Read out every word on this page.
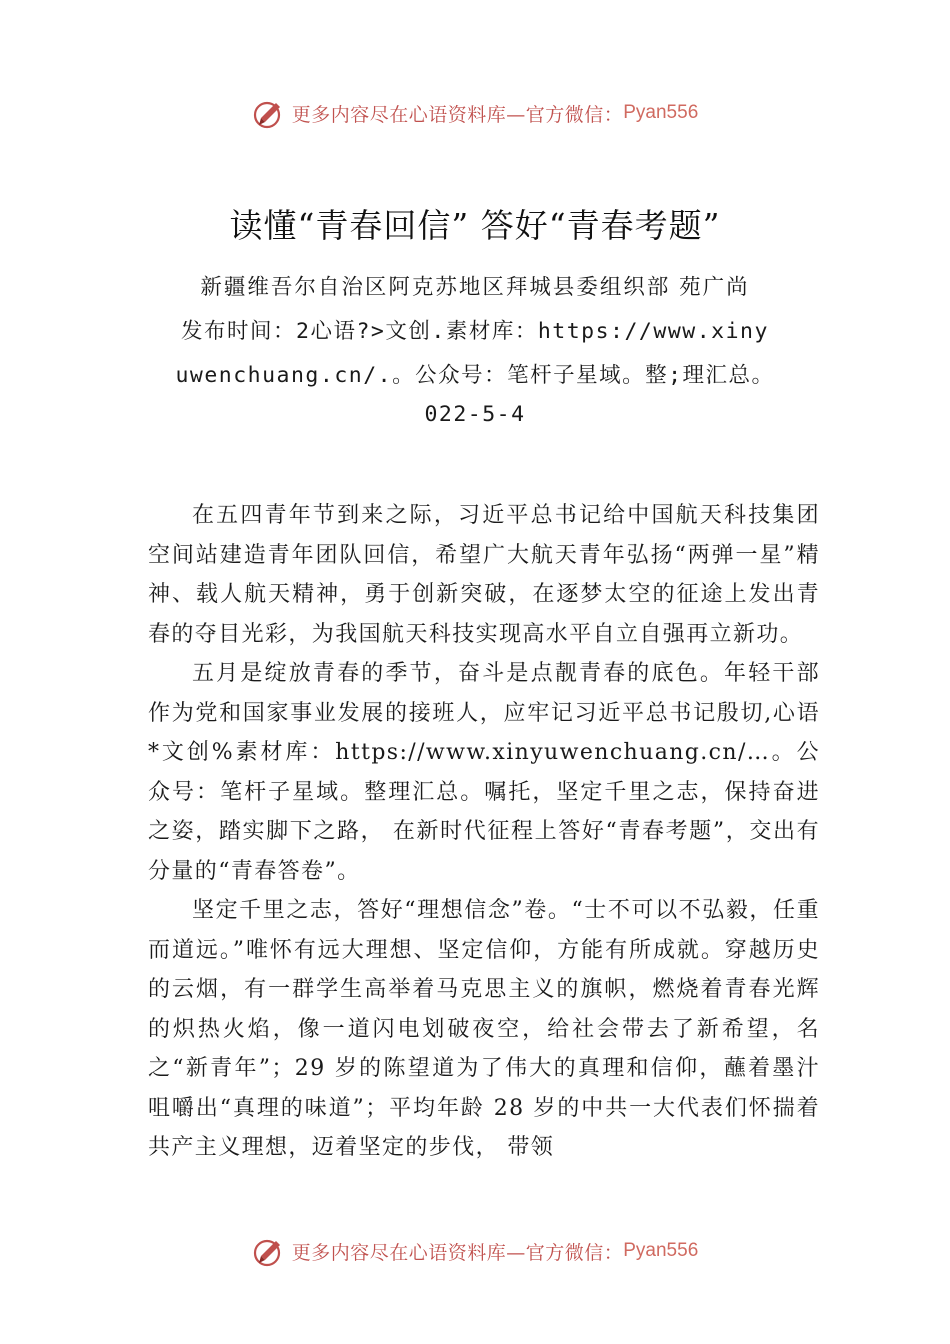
更多内容尽在心语资料库—官方微信： Pyan556
读懂“青春回信” 答好“青春考题”
新疆维吾尔自治区阿克苏地区拜城县委组织部 苑广尚
发布时间：2心语?>文创.素材库：https://www.xiny
uwenchuang.cn/.。公众号：笔杆子星域。整;理汇总。
022-5-4

在五四青年节到来之际，习近平总书记给中国航天科技集团空间站建造青年团队回信，希望广大航天青年弘扬“两弹一星”精神、载人航天精神，勇于创新突破，在逐梦太空的征途上发出青春的夺目光彩，为我国航天科技实现高水平自立自强再立新功。

五月是绽放青春的季节，奋斗是点靓青春的底色。年轻干部作为党和国家事业发展的接班人，应牢记习近平总书记殷切,心语*文创%素材库：https://www.xinyuwenchuang.cn/…。公众号：笔杆子星域。整理汇总。嘱托，坚定千里之志，保持奋进之姿，踏实脚下之路， 在新时代征程上答好“青春考题”，交出有分量的“青春答卷”。

坚定千里之志，答好“理想信念”卷。“士不可以不弘毅，任重而道远。”唯怀有远大理想、坚定信仰，方能有所成就。穿越历史的云烟，有一群学生高举着马克思主义的旗帜，燃烧着青春光辉的炽热火焰，像一道闪电划破夜空，给社会带去了新希望，名之“新青年”；29 岁的陈望道为了伟大的真理和信仰，蘸着墨汁咀嚼出“真理的味道”；平均年龄 28 岁的中共一大代表们怀揣着共产主义理想，迈着坚定的步伐， 带领

更多内容尽在心语资料库—官方微信： Pyan556
